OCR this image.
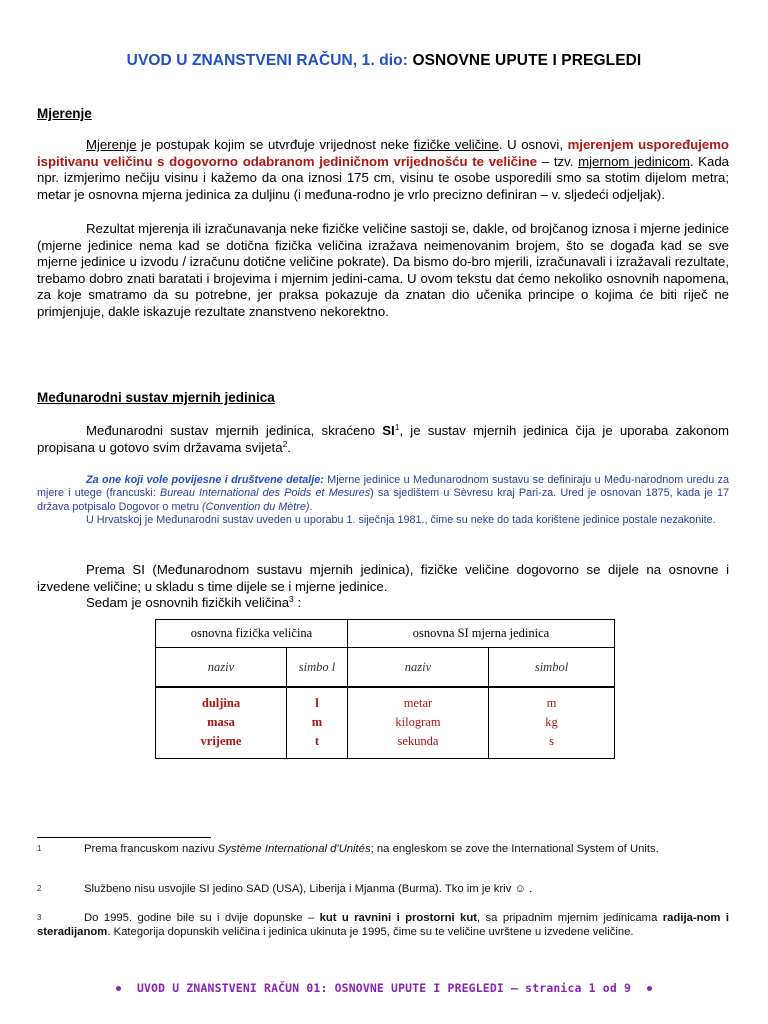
UVOD U ZNANSTVENI RAČUN, 1. dio: OSNOVNE UPUTE I PREGLEDI
Mjerenje
Mjerenje je postupak kojim se utvrđuje vrijednost neke fizičke veličine. U osnovi, mjerenjem uspoređujemo ispitivanu veličinu s dogovorno odabranom jediničnom vrijednošću te veličine – tzv. mjernom jedinicom. Kada npr. izmjerimo nečiju visinu i kažemo da ona iznosi 175 cm, visinu te osobe usporedili smo sa stotim dijelom metra; metar je osnovna mjerna jedinica za duljinu (i međuna-rodno je vrlo precizno definiran – v. sljedeći odjeljak).
Rezultat mjerenja ili izračunavanja neke fizičke veličine sastoji se, dakle, od brojčanog iznosa i mjerne jedinice (mjerne jedinice nema kad se dotična fizička veličina izražava neimenovanim brojem, što se događa kad se sve mjerne jedinice u izvodu / izračunu dotične veličine pokrate). Da bismo do-bro mjerili, izračunavali i izražavali rezultate, trebamo dobro znati baratati i brojevima i mjernim jedini-cama. U ovom tekstu dat ćemo nekoliko osnovnih napomena, za koje smatramo da su potrebne, jer praksa pokazuje da znatan dio učenika principe o kojima će biti riječ ne primjenjuje, dakle iskazuje rezultate znanstveno nekorektno.
Međunarodni sustav mjernih jedinica
Međunarodni sustav mjernih jedinica, skraćeno $SI^1$, je sustav mjernih jedinica čija je uporaba zakonom propisana u gotovo svim državama svijeta$^2$.
Za one koji vole povijesne i društvene detalje: Mjerne jedinice u Međunarodnom sustavu se definiraju u Među-narodnom uredu za mjere i utege (francuski: Bureau International des Poids et Mesures) sa sjedištem u Sèvresu kraj Pari-za. Ured je osnovan 1875, kada je 17 država potpisalo Dogovor o metru (Convention du Mètre).
U Hrvatskoj je Međunarodni sustav uveden u uporabu 1. siječnja 1981., čime su neke do tada korištene jedinice postale nezakonite.
Prema SI (Međunarodnom sustavu mjernih jedinica), fizičke veličine dogovorno se dijele na osnovne i izvedene veličine; u skladu s time dijele se i mjerne jedinice.
Sedam je osnovnih fizičkih veličina$^3$ :
osnovna fizička veličina		osnovna SI mjerna jedinica	
naziv	simbo l	naziv	simbol
duljina	l	metar	m
masa	m	kilogram	kg
vrijeme	t	sekunda	s
1	Prema francuskom nazivu Système International d'Unités; na engleskom se zove the International System of Units.
2	Službeno nisu usvojile SI jedino SAD (USA), Liberija i Mjanma (Burma). Tko im je kriv ☺ .
3	Do 1995. godine bile su i dvije dopunske – kut u ravnini i prostorni kut, sa pripadnim mjernim jedinicama radija-nom i steradijanom. Kategorija dopunskih veličina i jedinica ukinuta je 1995, čime su te veličine uvrštene u izvedene veličine.
UVOD U ZNANSTVENI RAČUN 01: OSNOVNE UPUTE I PREGLEDI – stranica 1 od 9
